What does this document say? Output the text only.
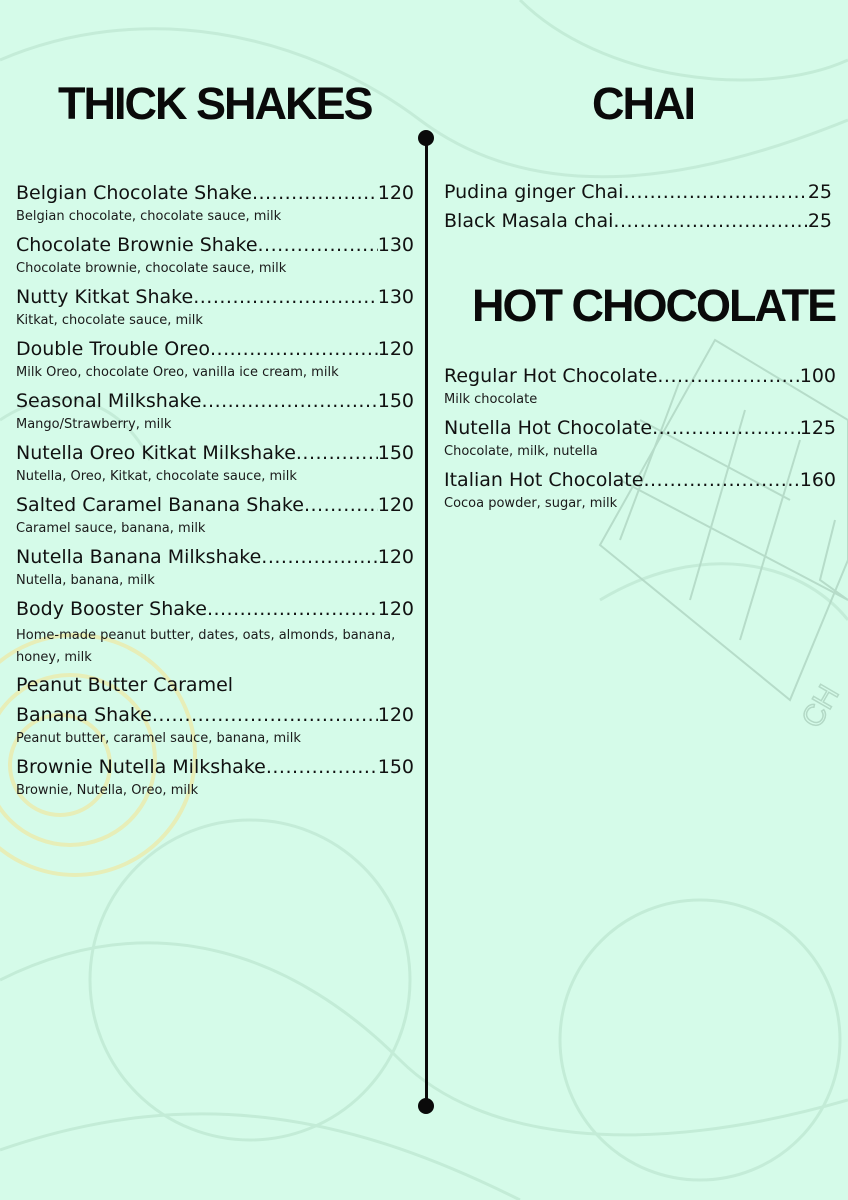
CH
THICK SHAKES	CHAI
HOT CHOCOLATE
Belgian Chocolate Shake .....	120
Belgian chocolate, chocolate sauce, milk
Chocolate Brownie Shake .....	130
Chocolate brownie, chocolate sauce, milk
Nutty Kitkat Shake .....	130
Kitkat, chocolate sauce, milk
Double Trouble Oreo .....	120
Milk Oreo, chocolate Oreo, vanilla ice cream, milk
Seasonal Milkshake .....	150
Mango/Strawberry, milk
Nutella Oreo Kitkat Milkshake .....	150
Nutella, Oreo, Kitkat, chocolate sauce, milk
Salted Caramel Banana Shake .....	120
Caramel sauce, banana, milk
Nutella Banana Milkshake .....	120
Nutella, banana, milk
Body Booster Shake .....	120
Home-made peanut butter, dates, oats, almonds, banana, honey, milk
Peanut Butter Caramel
Banana Shake .....	120
Peanut butter, caramel sauce, banana, milk
Brownie Nutella Milkshake .....	150
Brownie, Nutella, Oreo, milk
Pudina ginger Chai .....	25
Black Masala chai .....	25
Regular Hot Chocolate .....	100
Milk chocolate
Nutella Hot Chocolate .....	125
Chocolate, milk, nutella
Italian Hot Chocolate .....	160
Cocoa powder, sugar, milk
